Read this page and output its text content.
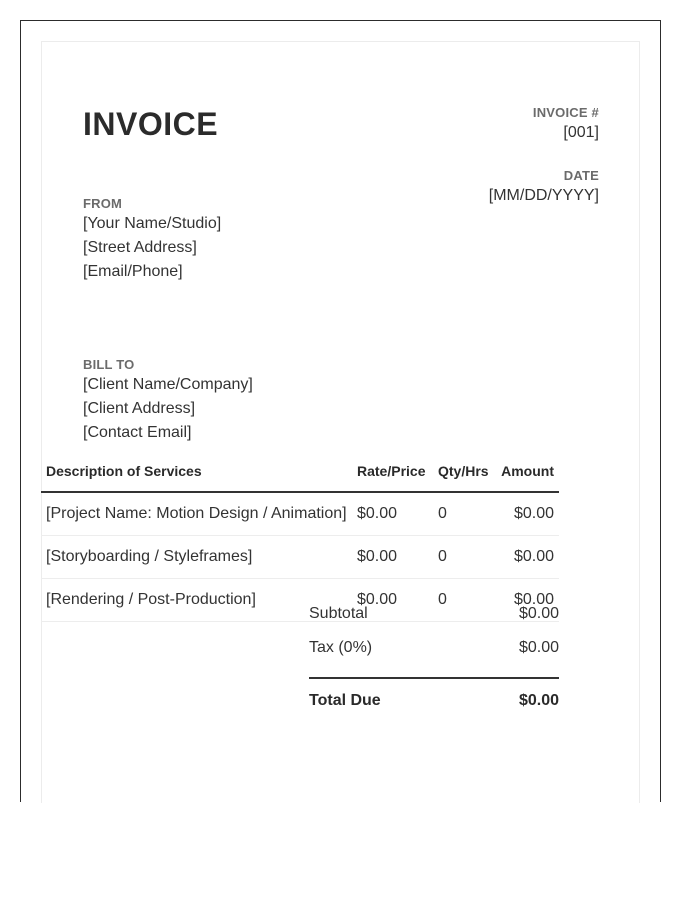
INVOICE #
[001]
INVOICE
DATE
[MM/DD/YYYY]
FROM
[Your Name/Studio]
[Street Address]
[Email/Phone]
BILL TO
[Client Name/Company]
[Client Address]
[Contact Email]
Description of Services	Rate/Price	Qty/Hrs	Amount
[Project Name: Motion Design / Animation]	$0.00	0	$0.00
[Storyboarding / Styleframes]	$0.00	0	$0.00
[Rendering / Post-Production]	$0.00	0	$0.00
Subtotal	$0.00
Tax (0%)	$0.00
Total Due	$0.00
